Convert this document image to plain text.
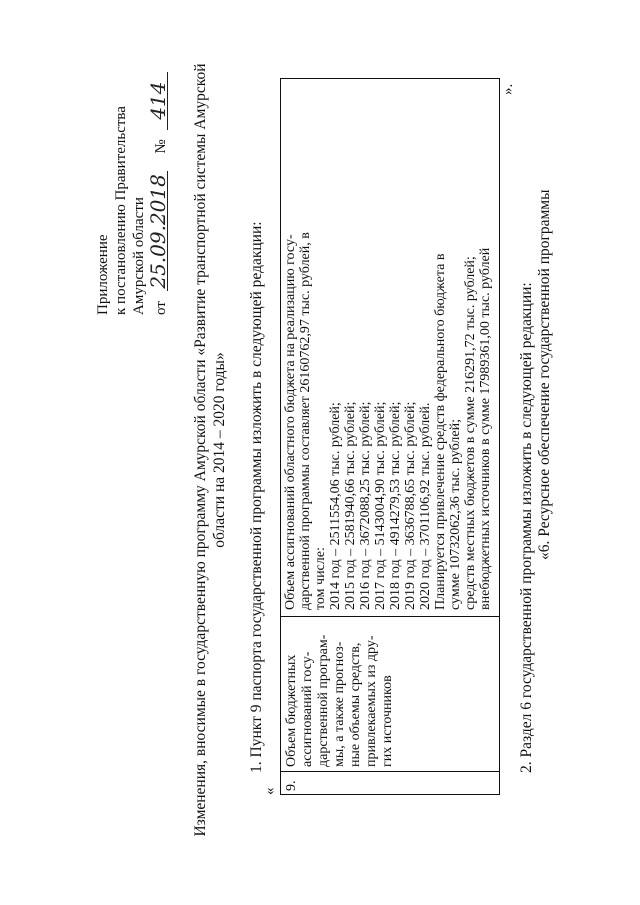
Приложение к постановлению Правительства Амурской области от 25.09.2018 № 414 Изменения, вносимые в государственную программу Амурской области «Развитие транспортной системы Амурской области на 2014 – 2020 годы» 1. Пункт 9 паспорта государственной программы изложить в следующей редакции:
«
9.
Объем бюджетных ассигнований госу- дарственной програм- мы, а также прогноз- ные объемы средств, привлекаемых из дру- гих источников
Объем ассигнований областного бюджета на реализацию госу- дарственной программы составляет 26160762,97 тыс. рублей, в том числе: 2014 год – 2511554,06 тыс. рублей; 2015 год – 2581940,66 тыс. рублей; 2016 год – 3672088,25 тыс. рублей; 2017 год – 5143004,90 тыс. рублей; 2018 год – 4914279,53 тыс. рублей; 2019 год – 3636788,65 тыс. рублей; 2020 год – 3701106,92 тыс. рублей. Планируется привлечение средств федерального бюджета в сумме 10732062,36 тыс. рублей; средств местных бюджетов в сумме 216291,72 тыс. рублей; внебюджетных источников в сумме 17989361,00 тыс. рублей
».
2. Раздел 6 государственной программы изложить в следующей редакции: «6. Ресурсное обеспечение государственной программы
